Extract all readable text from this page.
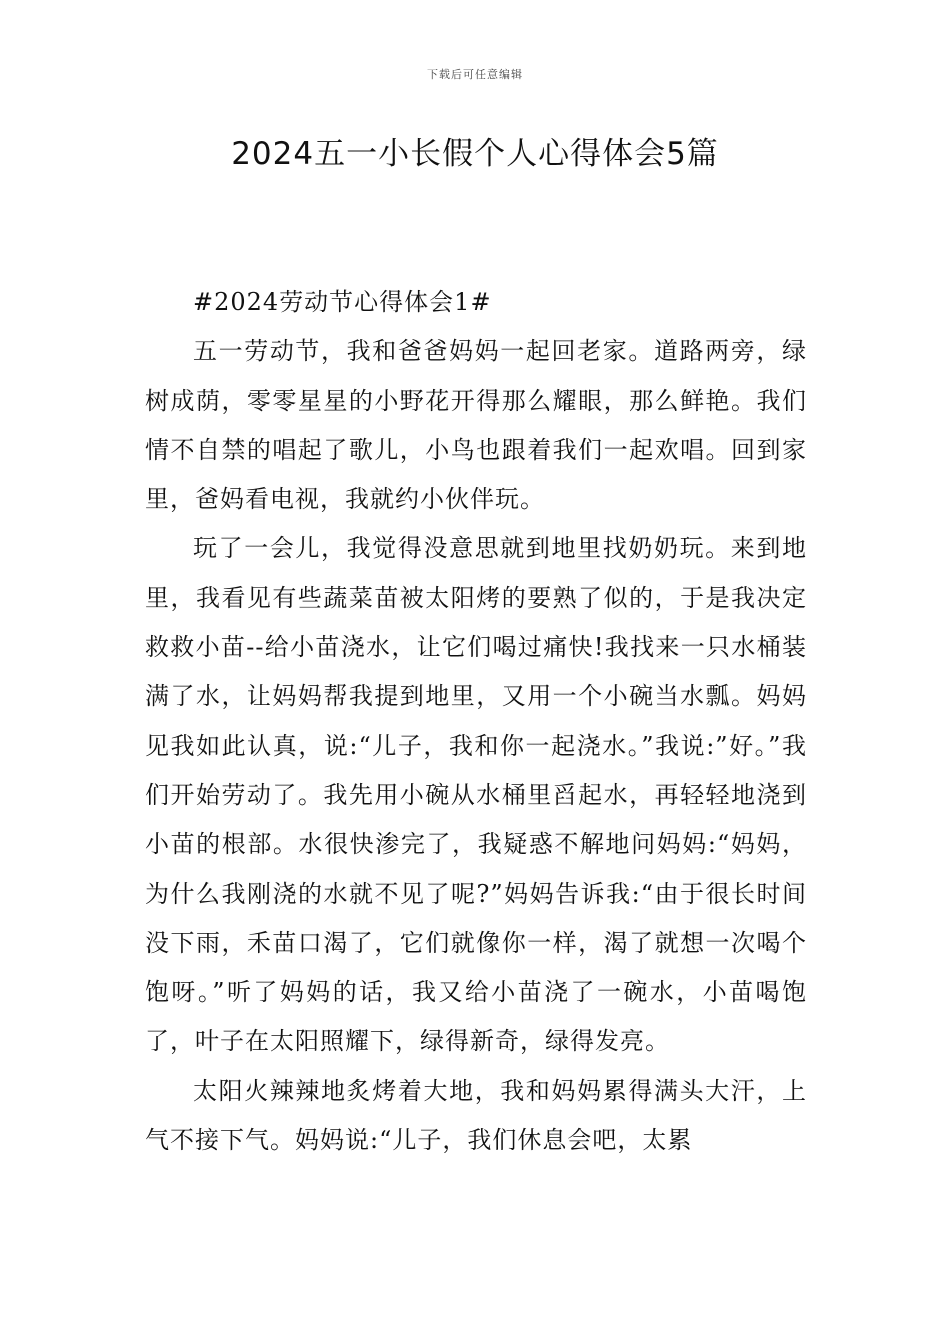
下载后可任意编辑
2024五一小长假个人心得体会5篇

#2024劳动节心得体会1#

五一劳动节，我和爸爸妈妈一起回老家。道路两旁，绿树成荫，零零星星的小野花开得那么耀眼，那么鲜艳。我们情不自禁的唱起了歌儿，小鸟也跟着我们一起欢唱。回到家里，爸妈看电视，我就约小伙伴玩。

玩了一会儿，我觉得没意思就到地里找奶奶玩。来到地里，我看见有些蔬菜苗被太阳烤的要熟了似的，于是我决定救救小苗--给小苗浇水，让它们喝过痛快!我找来一只水桶装满了水，让妈妈帮我提到地里，又用一个小碗当水瓢。妈妈见我如此认真，说:“儿子，我和你一起浇水。”我说:”好。”我们开始劳动了。我先用小碗从水桶里舀起水，再轻轻地浇到小苗的根部。水很快渗完了，我疑惑不解地问妈妈:“妈妈，为什么我刚浇的水就不见了呢?”妈妈告诉我:“由于很长时间没下雨，禾苗口渴了，它们就像你一样，渴了就想一次喝个饱呀。”听了妈妈的话，我又给小苗浇了一碗水，小苗喝饱了，叶子在太阳照耀下，绿得新奇，绿得发亮。

太阳火辣辣地炙烤着大地，我和妈妈累得满头大汗，上气不接下气。妈妈说:“儿子，我们休息会吧，太累
